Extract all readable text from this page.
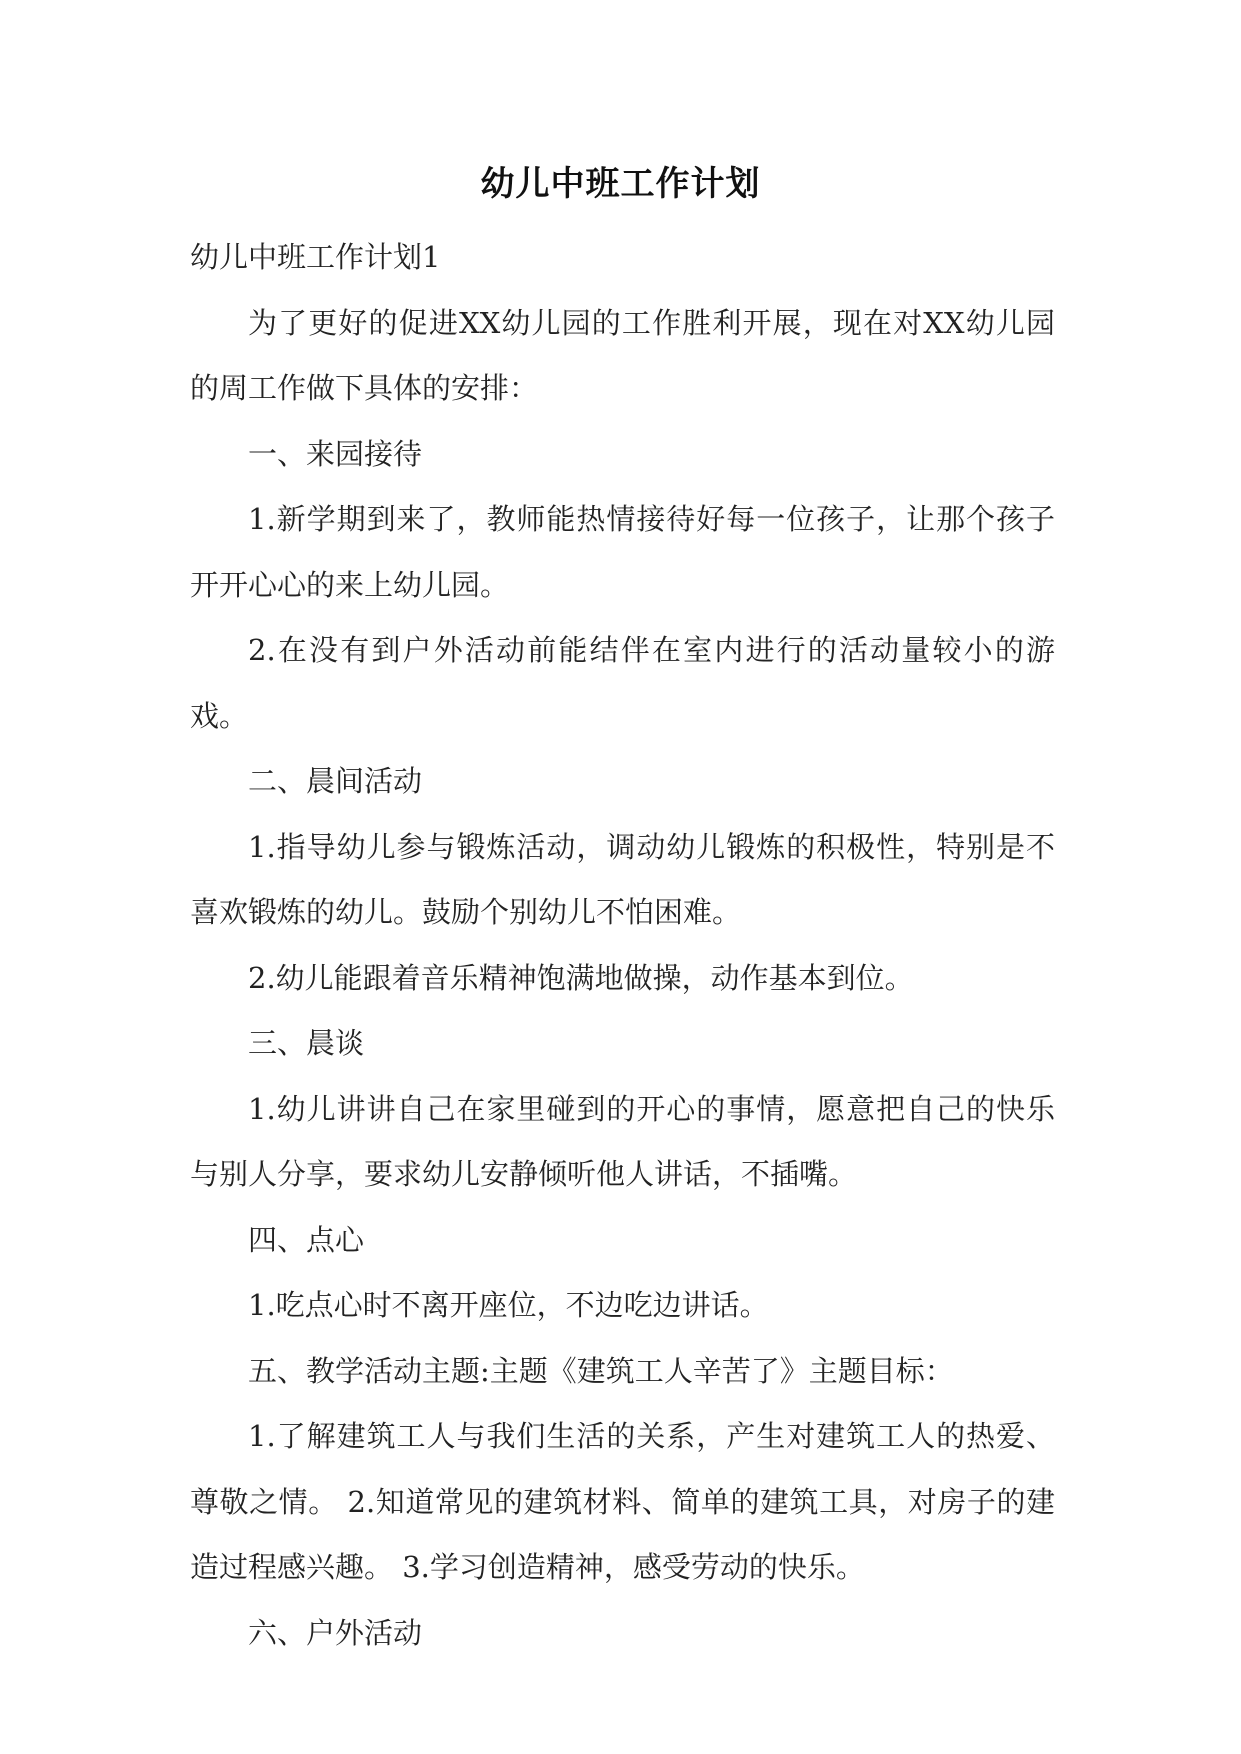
幼儿中班工作计划

幼儿中班工作计划1

为了更好的促进XX幼儿园的工作胜利开展，现在对XX幼儿园的周工作做下具体的安排：

一、来园接待

1.新学期到来了，教师能热情接待好每一位孩子，让那个孩子开开心心的来上幼儿园。

2.在没有到户外活动前能结伴在室内进行的活动量较小的游戏。

二、晨间活动

1.指导幼儿参与锻炼活动，调动幼儿锻炼的积极性，特别是不喜欢锻炼的幼儿。鼓励个别幼儿不怕困难。

2.幼儿能跟着音乐精神饱满地做操，动作基本到位。

三、晨谈

1.幼儿讲讲自己在家里碰到的开心的事情，愿意把自己的快乐与别人分享，要求幼儿安静倾听他人讲话，不插嘴。

四、点心

1.吃点心时不离开座位，不边吃边讲话。

五、教学活动主题:主题《建筑工人辛苦了》主题目标：

1.了解建筑工人与我们生活的关系，产生对建筑工人的热爱、尊敬之情。 2.知道常见的建筑材料、简单的建筑工具，对房子的建造过程感兴趣。 3.学习创造精神，感受劳动的快乐。

六、户外活动
